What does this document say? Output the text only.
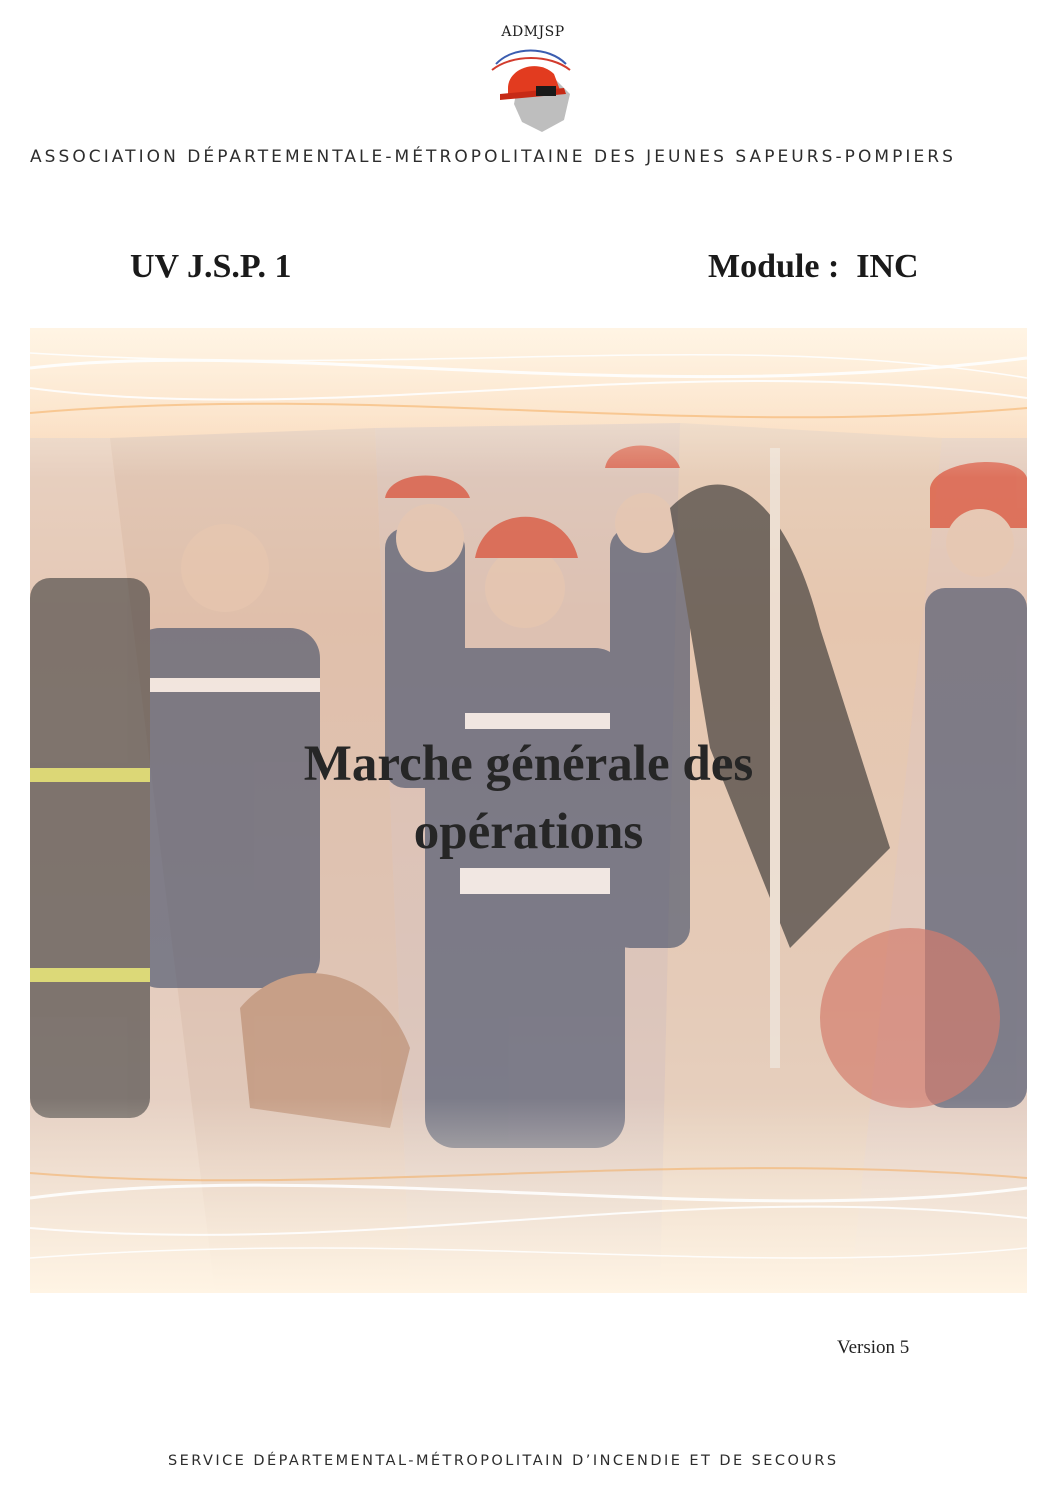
ADMJSP
ASSOCIATION DÉPARTEMENTALE-MÉTROPOLITAINE DES JEUNES SAPEURS-POMPIERS
UV J.S.P. 1	Module :  INC
Marche générale des
opérations
Version 5
SERVICE DÉPARTEMENTAL-MÉTROPOLITAIN D’INCENDIE ET DE SECOURS
